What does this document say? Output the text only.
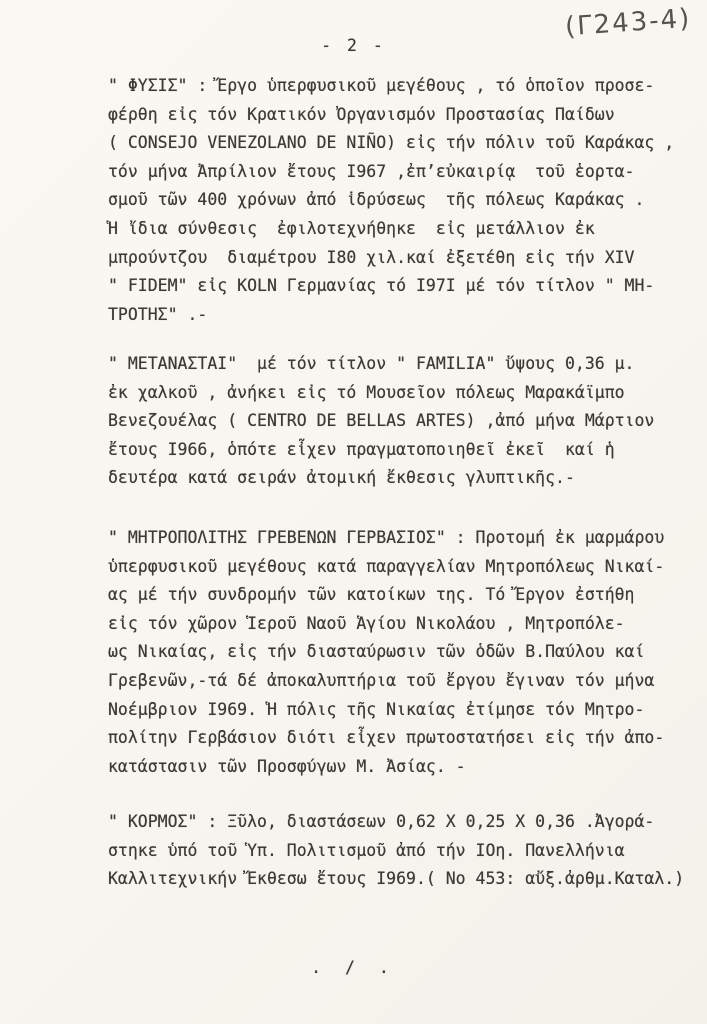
(Γ243-4)
- 2 -
" ΦΥΣΙΣ" : Ἔργο ὑπερφυσικοῦ μεγέθους , τό ὁποῖον προσε-
φέρθη εἰς τόν Κρατικόν Ὀργανισμόν Προστασίας Παίδων
( CONSEJO VENEZOLANO DE NIÑO) εἰς τήν πόλιν τοῦ Καράκας ,
τόν μήνα Ἀπρίλιον ἔτους I967 ,ἐπ’εὐκαιρίᾳ  τοῦ ἑορτα-
σμοῦ τῶν 400 χρόνων ἀπό ἱδρύσεως  τῆς πόλεως Καράκας .
Ἡ ἴδια σύνθεσις  ἐφιλοτεχνήθηκε  εἰς μετάλλιον ἐκ
μπρούντζου  διαμέτρου I80 χιλ.καί ἐξετέθη εἰς τήν XIV
" FIDEM" εἰς KOLN Γερμανίας τό I97I μέ τόν τίτλον " ΜΗ-
ΤΡΟΤΗΣ" .-
" ΜΕΤΑΝΑΣΤΑΙ"  μέ τόν τίτλον " FAMILIA" ὕψους 0,36 μ.
ἐκ χαλκοῦ , ἀνήκει εἰς τό Μουσεῖον πόλεως Μαρακάϊμπο
Βενεζουέλας ( CENTRO DE BELLAS ARTES) ,ἀπό μήνα Μάρτιον
ἔτους I966, ὁπότε εἶχεν πραγματοποιηθεῖ ἐκεῖ  καί ἡ
δευτέρα κατά σειράν ἀτομική ἔκθεσις γλυπτικῆς.-
" ΜΗΤΡΟΠΟΛΙΤΗΣ ΓΡΕΒΕΝΩΝ ΓΕΡΒΑΣΙΟΣ" : Προτομή ἐκ μαρμάρου
ὑπερφυσικοῦ μεγέθους κατά παραγγελίαν Μητροπόλεως Νικαί-
ας μέ τήν συνδρομήν τῶν κατοίκων της. Τό Ἔργον ἐστήθη
εἰς τόν χῶρον Ἱεροῦ Ναοῦ Ἁγίου Νικολάου , Μητροπόλε-
ως Νικαίας, εἰς τήν διασταύρωσιν τῶν ὁδῶν Β.Παύλου καί
Γρεβενῶν,-τά δέ ἀποκαλυπτήρια τοῦ ἔργου ἔγιναν τόν μήνα
Νοέμβριον I969. Ἡ πόλις τῆς Νικαίας ἐτίμησε τόν Μητρο-
πολίτην Γερβάσιον διότι εἶχεν πρωτοστατήσει εἰς τήν ἀπο-
κατάστασιν τῶν Προσφύγων Μ. Ἀσίας. -
" ΚΟΡΜΟΣ" : Ξῦλο, διαστάσεων 0,62 Χ 0,25 Χ 0,36 .Ἀγορά-
στηκε ὑπό τοῦ Ὑπ. Πολιτισμοῦ ἀπό τήν IOη. Πανελλήνια
Καλλιτεχνικήν Ἔκθεσω ἔτους I969.( Νο 453: αὔξ.ἀρθμ.Καταλ.)
. / .
